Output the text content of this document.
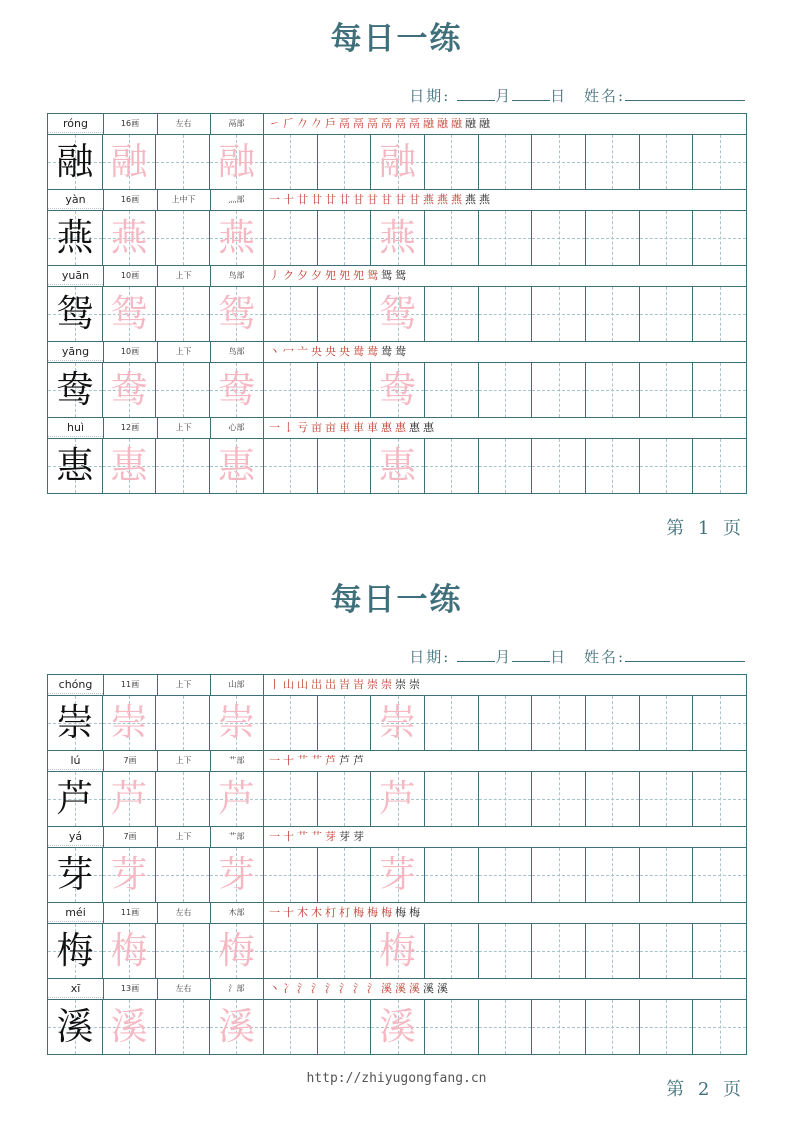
每日一练
日期:	月	日 姓名:
róng	16画	左右	鬲部	㇀ 𠂆 𠂊 𠂊 戶 鬲 鬲 鬲 鬲 鬲 鬲 融 融 融 融 融
融 融 融	融
yàn	16画	上中下	灬部	一 十 廿 廿 廿 廿 甘 甘 甘 甘 甘 燕 燕 燕 燕 燕
燕 燕 燕	燕
yuān	10画	上下	鸟部	丿 ク 夕 夕 夗 夗 夗 鸳 鸳 鸳
鸳 鸳 鸳	鸳
yāng	10画	上下	鸟部	丶 冖 亠 央 央 央 鸯 鸯 鸯 鸯
鸯 鸯 鸯	鸯
huì	12画	上下	心部	一 𠄌 亏 亩 亩 車 車 車 惠 惠 惠 惠
惠 惠 惠	惠
第 1 页
每日一练
日期:	月	日 姓名:
chóng	11画	上下	山部	丨 山 山 岀 岀 峕 峕 崇 崇 崇 崇
崇 崇 崇	崇
lú	7画	上下	艹部	一 十 艹 艹 芦 芦 芦
芦 芦 芦	芦
yá	7画	上下	艹部	一 十 艹 艹 芽 芽 芽
芽 芽 芽	芽
méi	11画	左右	木部	一 十 木 木 朾 朾 梅 梅 梅 梅 梅
梅 梅 梅	梅
xī	13画	左右	氵部	丶 冫 氵 氵 氵 氵 氵 氵 溪 溪 溪 溪 溪
溪 溪 溪	溪
http://zhiyugongfang.cn
第 2 页
